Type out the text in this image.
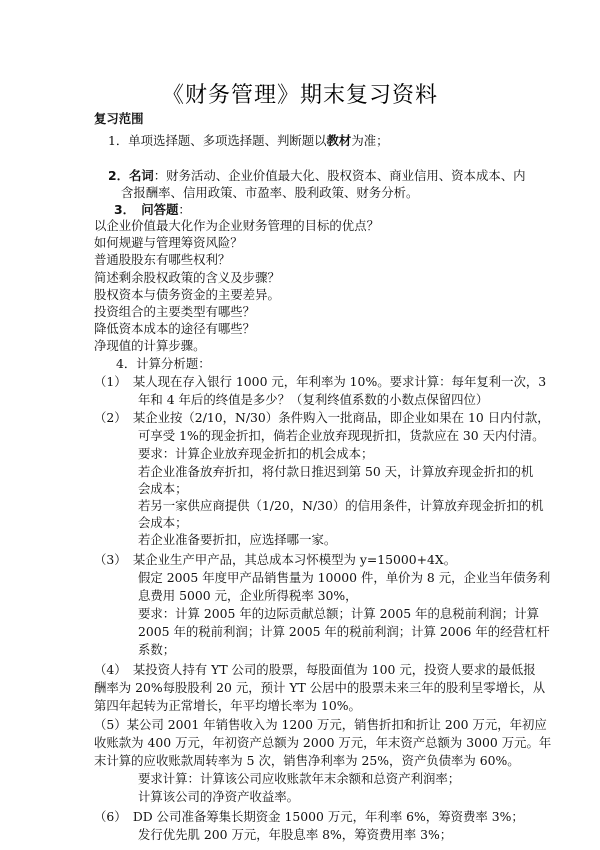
《财务管理》期末复习资料
复习范围
1．单项选择题、多项选择题、判断题以教材为准；
2．名词：财务活动、企业价值最大化、股权资本、商业信用、资本成本、内
含报酬率、信用政策、市盈率、股利政策、财务分析。
3．　问答题：
以企业价值最大化作为企业财务管理的目标的优点？
如何规避与管理筹资风险？
普通股股东有哪些权利？
简述剩余股权政策的含义及步骤？
股权资本与债务资金的主要差异。
投资组合的主要类型有哪些？
降低资本成本的途径有哪些？
净现值的计算步骤。
4．计算分析题：
（1）　某人现在存入银行 1000 元，年利率为 10%。要求计算：每年复利一次，3
年和 4 年后的终值是多少？（复利终值系数的小数点保留四位）
（2）　某企业按（2/10，N/30）条件购入一批商品，即企业如果在 10 日内付款，
可享受 1%的现金折扣，倘若企业放弃现现折扣，货款应在 30 天内付清。
要求：计算企业放弃现金折扣的机会成本；
若企业准备放弃折扣，将付款日推迟到第 50 天，计算放弃现金折扣的机
会成本；
若另一家供应商提供（1/20，N/30）的信用条件，计算放弃现金折扣的机
会成本；
若企业准备要折扣，应选择哪一家。
（3）　某企业生产甲产品，其总成本习怀模型为 y=15000+4X。
假定 2005 年度甲产品销售量为 10000 件，单价为 8 元，企业当年债务利
息费用 5000 元，企业所得税率 30%，
要求：计算 2005 年的边际贡献总额；计算 2005 年的息税前利润；计算
2005 年的税前利润；计算 2005 年的税前利润；计算 2006 年的经营杠杆
系数；
（4）　某投资人持有 YT 公司的股票，每股面值为 100 元，投资人要求的最低报
酬率为 20%每股股利 20 元，预计 YT 公居中的股票未来三年的股利呈零增长，从
第四年起转为正常增长，年平均增长率为 10%。
（5）某公司 2001 年销售收入为 1200 万元，销售折扣和折让 200 万元，年初应
收账款为 400 万元，年初资产总额为 2000 万元，年末资产总额为 3000 万元。年
末计算的应收账款周转率为 5 次，销售净利率为 25%，资产负债率为 60%。
要求计算：计算该公司应收账款年末余额和总资产利润率；
计算该公司的净资产收益率。
（6）　DD 公司准备筹集长期资金 15000 万元，年利率 6%，筹资费率 3%；
发行优先肌 200 万元，年股息率 8%，筹资费用率 3%；
